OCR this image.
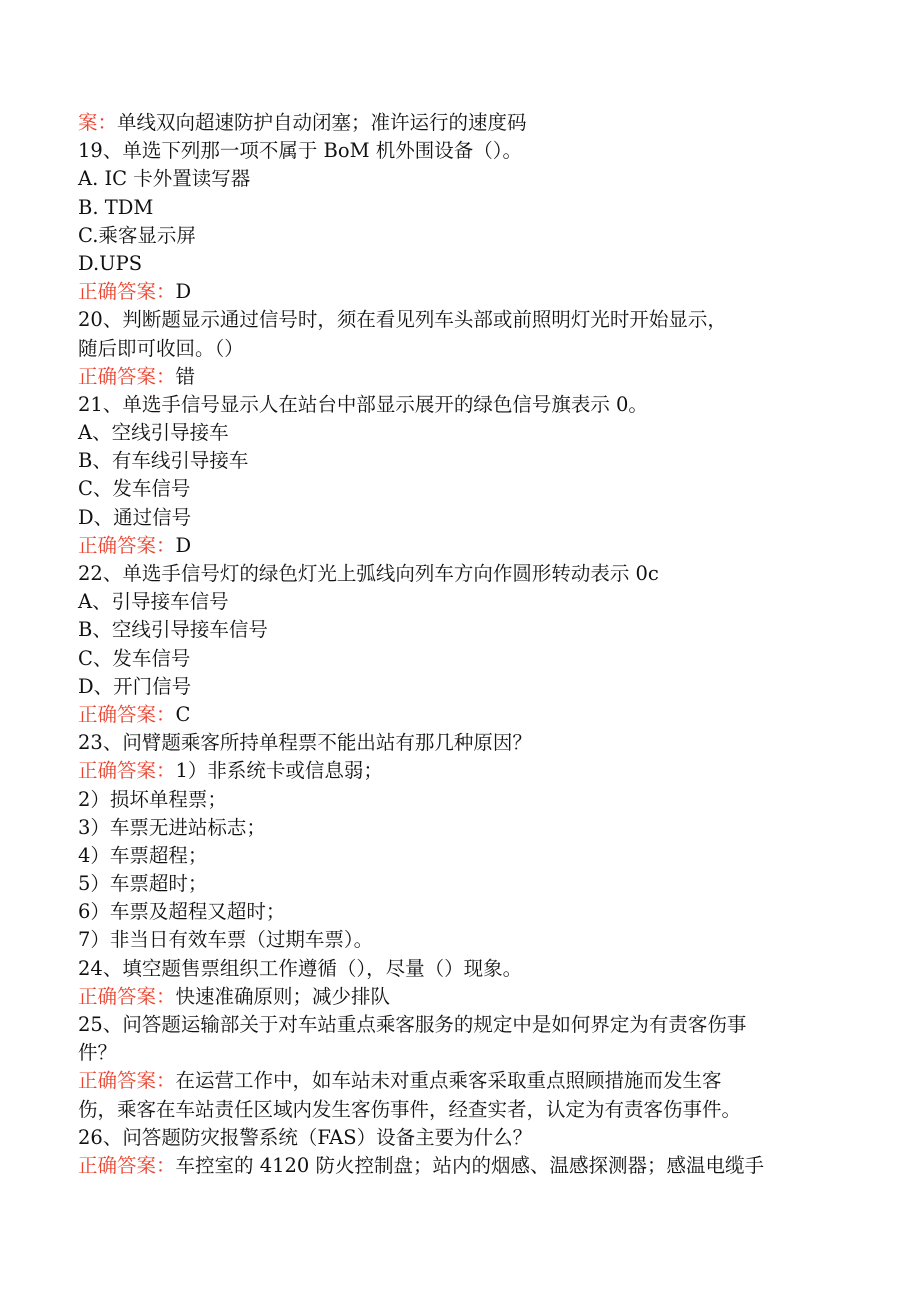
案：单线双向超速防护自动闭塞；准许运行的速度码
19、单选下列那一项不属于 BoM 机外围设备（）。
A. IC 卡外置读写器
B. TDM
C.乘客显示屏
D.UPS
正确答案：D
20、判断题显示通过信号时，须在看见列车头部或前照明灯光时开始显示，
随后即可收回。（）
正确答案：错
21、单选手信号显示人在站台中部显示展开的绿色信号旗表示 0。
A、空线引导接车
B、有车线引导接车
C、发车信号
D、通过信号
正确答案：D
22、单选手信号灯的绿色灯光上弧线向列车方向作圆形转动表示 0c
A、引导接车信号
B、空线引导接车信号
C、发车信号
D、开门信号
正确答案：C
23、问臂题乘客所持单程票不能出站有那几种原因？
正确答案：1）非系统卡或信息弱；
2）损坏单程票；
3）车票无进站标志；
4）车票超程；
5）车票超时；
6）车票及超程又超时；
7）非当日有效车票（过期车票）。
24、填空题售票组织工作遵循（），尽量（）现象。
正确答案：快速准确原则；减少排队
25、问答题运输部关于对车站重点乘客服务的规定中是如何界定为有责客伤事
件？
正确答案：在运营工作中，如车站未对重点乘客采取重点照顾措施而发生客
伤，乘客在车站责任区域内发生客伤事件，经查实者，认定为有责客伤事件。
26、问答题防灾报警系统（FAS）设备主要为什么？
正确答案：车控室的 4120 防火控制盘；站内的烟感、温感探测器；感温电缆手
